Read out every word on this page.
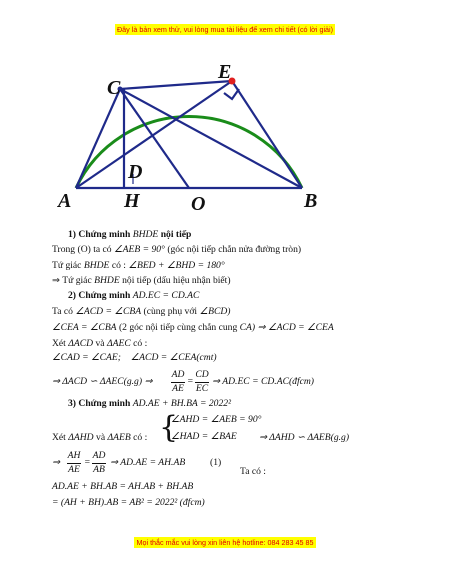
Đây là bản xem thử, vui lòng mua tài liệu để xem chi tiết (có lời giải)
C
E
D
A	H	O	B
1) Chứng minh BHDE nội tiếp
Trong (O) ta có ∠AEB = 90° (góc nội tiếp chắn nửa đường tròn)
Tứ giác BHDE có : ∠BED + ∠BHD = 180°
⇒ Tứ giác BHDE nội tiếp (dấu hiệu nhận biết)
2) Chứng minh AD.EC = CD.AC
Ta có ∠ACD = ∠CBA (cùng phụ với ∠BCD)
∠CEA = ∠CBA (2 góc nội tiếp cùng chắn cung CA) ⇒ ∠ACD = ∠CEA
Xét ΔACD và ΔAEC có :
∠CAD = ∠CAE; ∠ACD = ∠CEA(cmt)
⇒ ΔACD ∽ ΔAEC(g.g) ⇒
AD
AE
=
CD
EC
⇒ AD.EC = CD.AC(đfcm)
3) Chứng minh AD.AE + BH.BA = 2022²
Xét ΔAHD và ΔAEB có : {
∠AHD = ∠AEB = 90°
∠HAD = ∠BAE ⇒ ΔAHD ∽ ΔAEB(g.g)
⇒
AH
AE
=
AD
AB
⇒ AD.AE = AH.AB	(1)
Ta có :
AD.AE + BH.AB = AH.AB + BH.AB
= (AH + BH).AB = AB² = 2022² (đfcm)
Mọi thắc mắc vui lòng xin liên hệ hotline: 084 283 45 85
